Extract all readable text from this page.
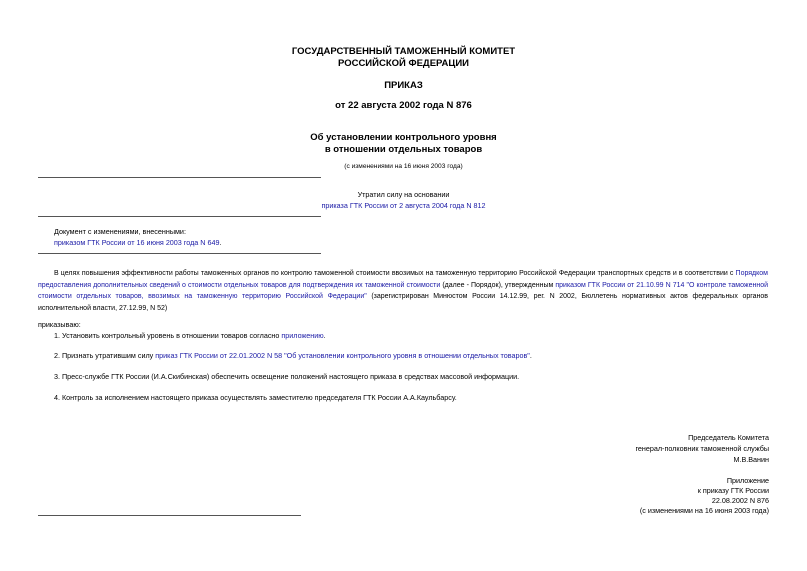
ГОСУДАРСТВЕННЫЙ ТАМОЖЕННЫЙ КОМИТЕТ
РОССИЙСКОЙ ФЕДЕРАЦИИ
ПРИКАЗ
от 22 августа 2002 года N 876
Об установлении контрольного уровня
в отношении отдельных товаров
(с изменениями на 16 июня 2003 года)
Утратил силу на основании
приказа ГТК России от 2 августа 2004 года N 812
Документ с изменениями, внесенными:
приказом ГТК России от 16 июня 2003 года N 649.
В целях повышения эффективности работы таможенных органов по контролю таможенной стоимости ввозимых на таможенную территорию Российской Федерации транспортных средств и в соответствии с Порядком предоставления дополнительных сведений о стоимости отдельных товаров для подтверждения их таможенной стоимости (далее - Порядок), утвержденным приказом ГТК России от 21.10.99 N 714 "О контроле таможенной стоимости отдельных товаров, ввозимых на таможенную территорию Российской Федерации" (зарегистрирован Минюстом России 14.12.99, рег. N 2002, Бюллетень нормативных актов федеральных органов исполнительной власти, 27.12.99, N 52)
приказываю:
1. Установить контрольный уровень в отношении товаров согласно приложению.
2. Признать утратившим силу приказ ГТК России от 22.01.2002 N 58 "Об установлении контрольного уровня в отношении отдельных товаров".
3. Пресс-службе ГТК России (И.А.Скибинская) обеспечить освещение положений настоящего приказа в средствах массовой информации.
4. Контроль за исполнением настоящего приказа осуществлять заместителю председателя ГТК России А.А.Каульбарсу.
Председатель Комитета
генерал-полковник таможенной службы
М.В.Ванин
Приложение
к приказу ГТК России
22.08.2002 N 876
(с изменениями на 16 июня 2003 года)
